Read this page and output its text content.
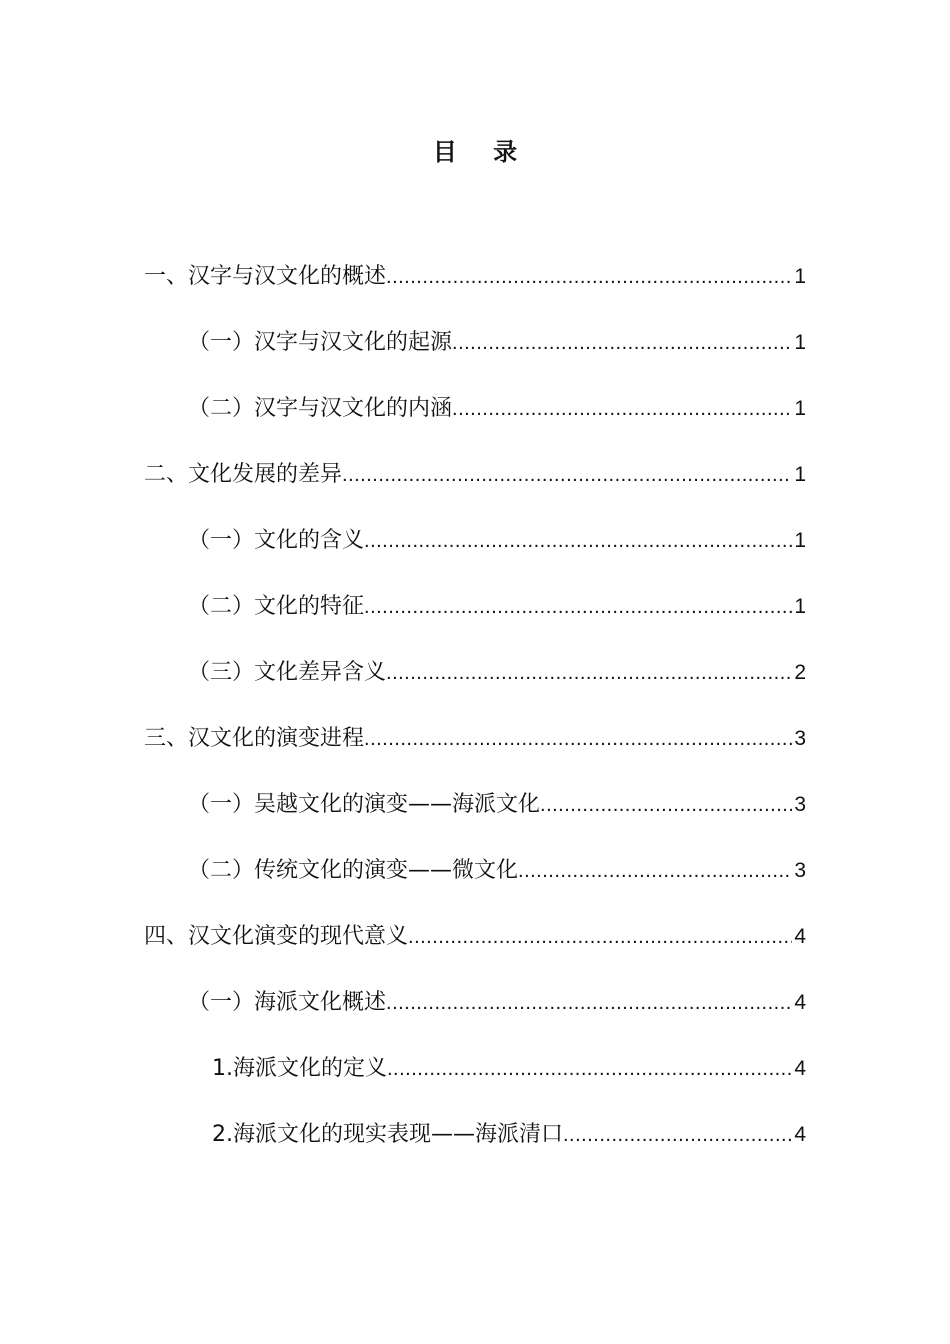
目 录
一、汉字与汉文化的概述 .....	1
（一）汉字与汉文化的起源 .....	1
（二）汉字与汉文化的内涵 .....	1
二、文化发展的差异 .....	1
（一）文化的含义 .....	1
（二）文化的特征 .....	1
（三）文化差异含义 .....	2
三、汉文化的演变进程 .....	3
（一）吴越文化的演变——海派文化 .....	3
（二）传统文化的演变——微文化 .....	3
四、汉文化演变的现代意义 .....	4
（一）海派文化概述 .....	4
1.海派文化的定义 .....	4
2.海派文化的现实表现——海派清口 .....	4
